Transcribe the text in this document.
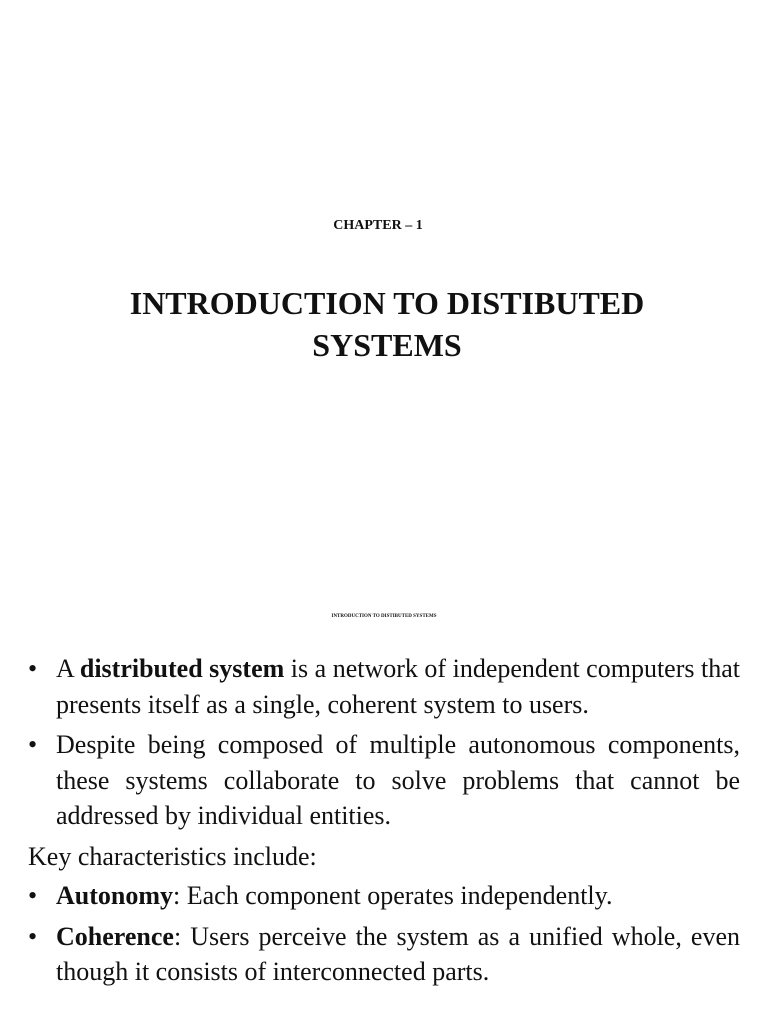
CHAPTER – 1
INTRODUCTION TO DISTIBUTED SYSTEMS
INTRODUCTION TO DISTIBUTED SYSTEMS
• A distributed system is a network of independent computers that presents itself as a single, coherent system to users.
• Despite being composed of multiple autonomous components, these systems collaborate to solve problems that cannot be addressed by individual entities.

Key characteristics include:

• Autonomy: Each component operates independently.
• Coherence: Users perceive the system as a unified whole, even though it consists of interconnected parts.
